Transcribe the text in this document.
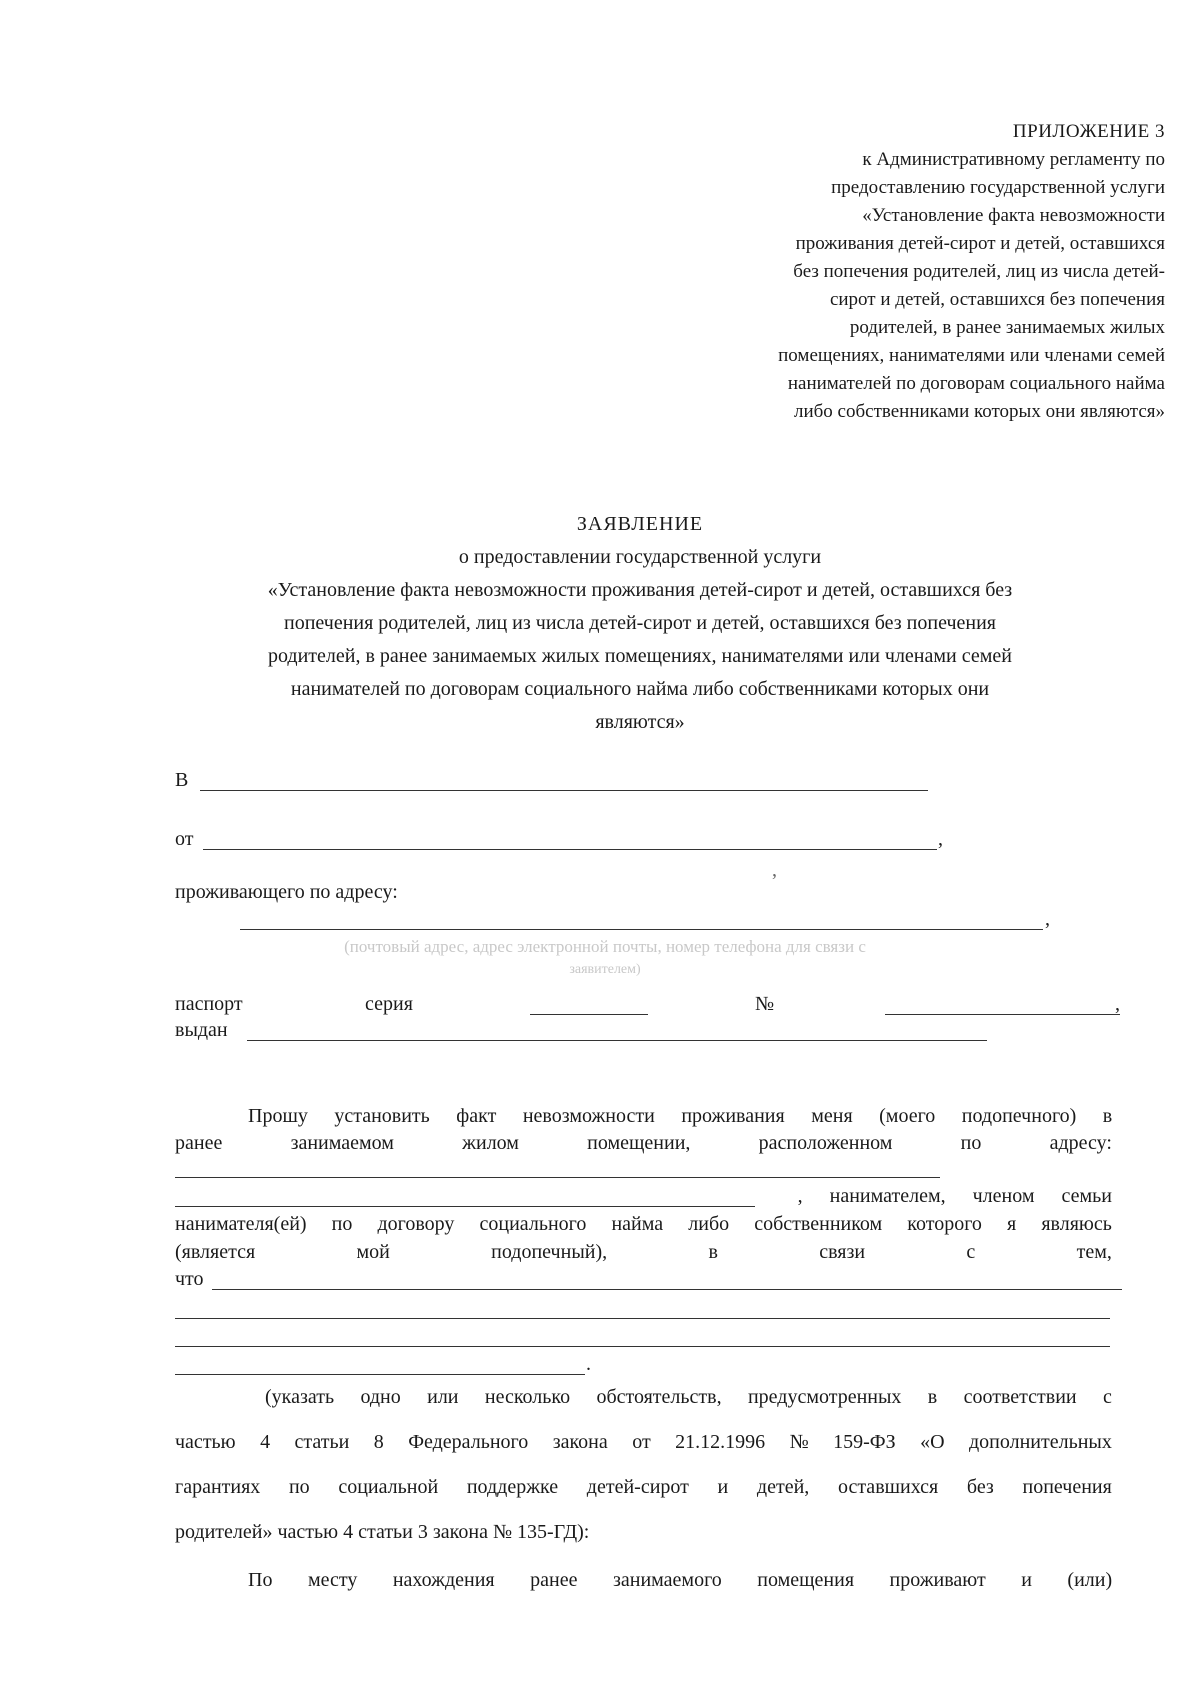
ПРИЛОЖЕНИЕ 3
к Административному регламенту по
предоставлению государственной услуги
«Установление факта невозможности
проживания детей-сирот и детей, оставшихся
без попечения родителей, лиц из числа детей-
сирот и детей, оставшихся без попечения
родителей, в ранее занимаемых жилых
помещениях, нанимателями или членами семей
нанимателей по договорам социального найма
либо собственниками которых они являются»
ЗАЯВЛЕНИЕ
о предоставлении государственной услуги
«Установление факта невозможности проживания детей-сирот и детей, оставшихся без
попечения родителей, лиц из числа детей-сирот и детей, оставшихся без попечения
родителей, в ранее занимаемых жилых помещениях, нанимателями или членами семей
нанимателей по договорам социального найма либо собственниками которых они
являются»
В
от	,
,
проживающего по адресу:
,
(почтовый адрес, адрес электронной почты, номер телефона для связи с
заявителем)
паспорт	серия	№	,
выдан
Прошу установить факт невозможности проживания меня (моего подопечного) в
ранее	занимаемом	жилом	помещении,	расположенном	по	адресу:
, нанимателем, членом семьи
нанимателя(ей) по договору социального найма либо собственником которого я являюсь
(является	мой	подопечный),	в	связи	с	тем,
что
.
(указать одно или несколько обстоятельств, предусмотренных в соответствии с
частью 4 статьи 8 Федерального закона от 21.12.1996 № 159-ФЗ «О дополнительных
гарантиях по социальной поддержке детей-сирот и детей, оставшихся без попечения
родителей» частью 4 статьи 3 закона № 135-ГД):
По месту нахождения ранее занимаемого помещения проживают и (или)
